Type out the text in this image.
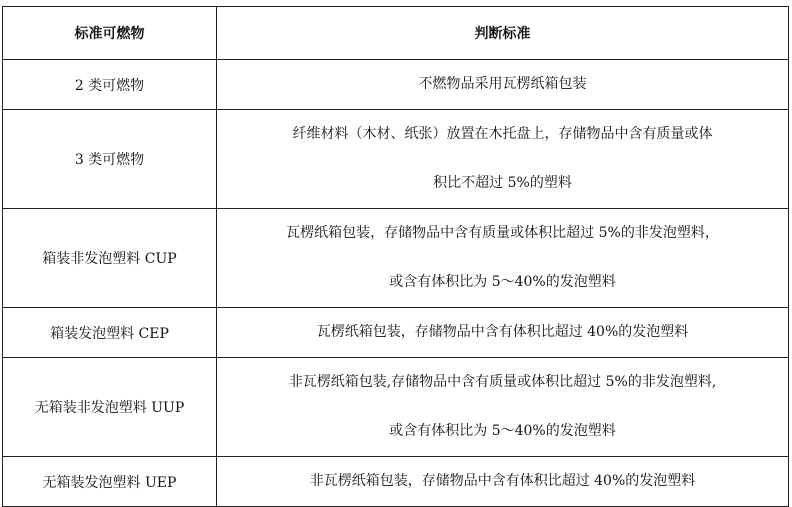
标准可燃物	判断标准
2 类可燃物	不燃物品采用瓦楞纸箱包装

3 类可燃物	纤维材料（木材、纸张）放置在木托盘上，存储物品中含有质量或体
积比不超过 5%的塑料

箱装非发泡塑料 CUP	瓦楞纸箱包装，存储物品中含有质量或体积比超过 5%的非发泡塑料，
或含有体积比为 5～40%的发泡塑料

箱装发泡塑料 CEP	瓦楞纸箱包装，存储物品中含有体积比超过 40%的发泡塑料

无箱装非发泡塑料 UUP	非瓦楞纸箱包装,存储物品中含有质量或体积比超过 5%的非发泡塑料,
或含有体积比为 5～40%的发泡塑料

无箱装发泡塑料 UEP	非瓦楞纸箱包装，存储物品中含有体积比超过 40%的发泡塑料
